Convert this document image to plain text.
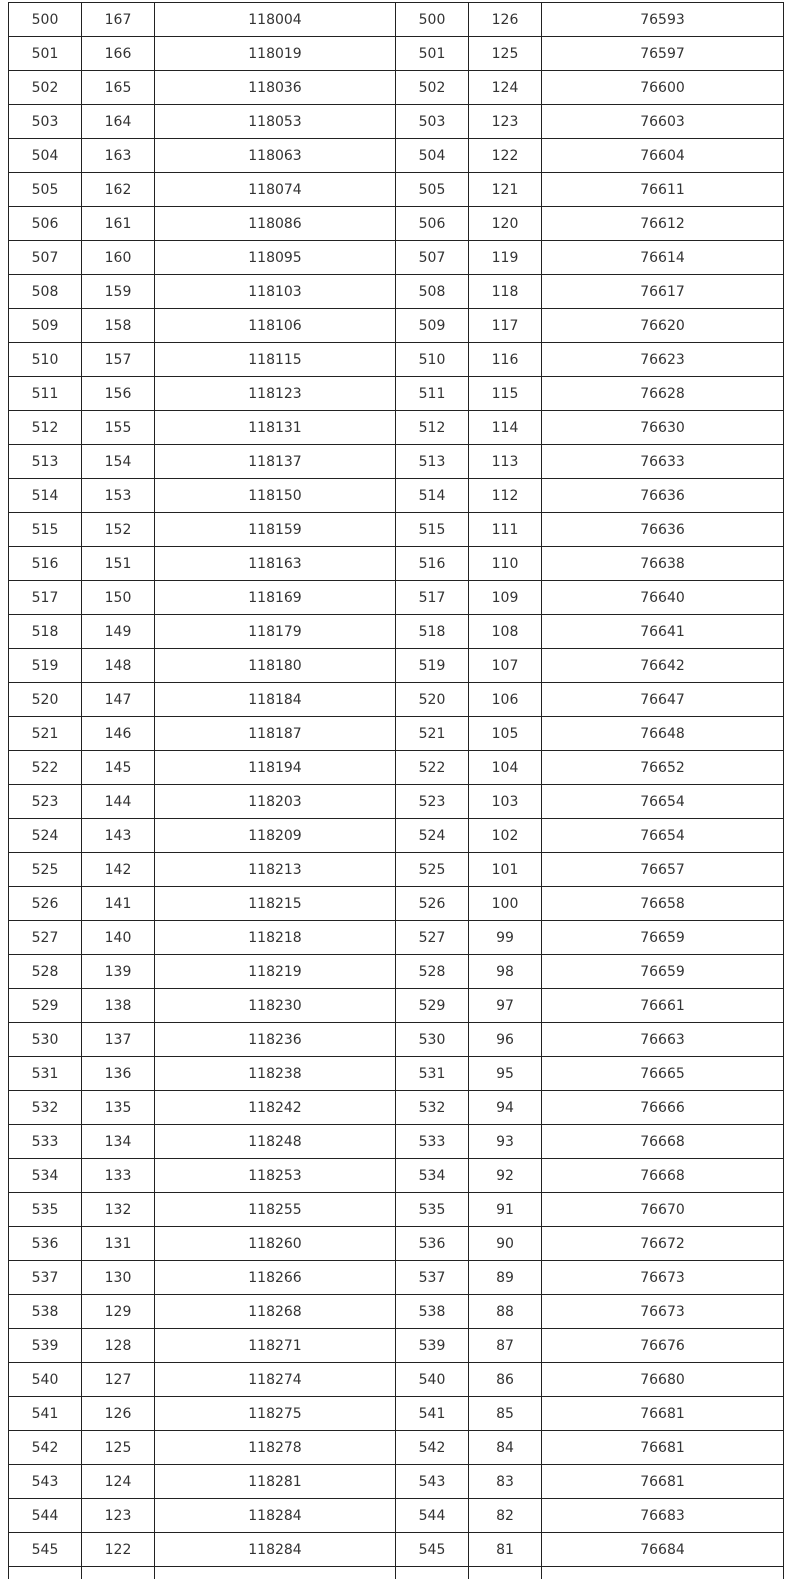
500	167	118004	500	126	76593
501	166	118019	501	125	76597
502	165	118036	502	124	76600
503	164	118053	503	123	76603
504	163	118063	504	122	76604
505	162	118074	505	121	76611
506	161	118086	506	120	76612
507	160	118095	507	119	76614
508	159	118103	508	118	76617
509	158	118106	509	117	76620
510	157	118115	510	116	76623
511	156	118123	511	115	76628
512	155	118131	512	114	76630
513	154	118137	513	113	76633
514	153	118150	514	112	76636
515	152	118159	515	111	76636
516	151	118163	516	110	76638
517	150	118169	517	109	76640
518	149	118179	518	108	76641
519	148	118180	519	107	76642
520	147	118184	520	106	76647
521	146	118187	521	105	76648
522	145	118194	522	104	76652
523	144	118203	523	103	76654
524	143	118209	524	102	76654
525	142	118213	525	101	76657
526	141	118215	526	100	76658
527	140	118218	527	99	76659
528	139	118219	528	98	76659
529	138	118230	529	97	76661
530	137	118236	530	96	76663
531	136	118238	531	95	76665
532	135	118242	532	94	76666
533	134	118248	533	93	76668
534	133	118253	534	92	76668
535	132	118255	535	91	76670
536	131	118260	536	90	76672
537	130	118266	537	89	76673
538	129	118268	538	88	76673
539	128	118271	539	87	76676
540	127	118274	540	86	76680
541	126	118275	541	85	76681
542	125	118278	542	84	76681
543	124	118281	543	83	76681
544	123	118284	544	82	76683
545	122	118284	545	81	76684
